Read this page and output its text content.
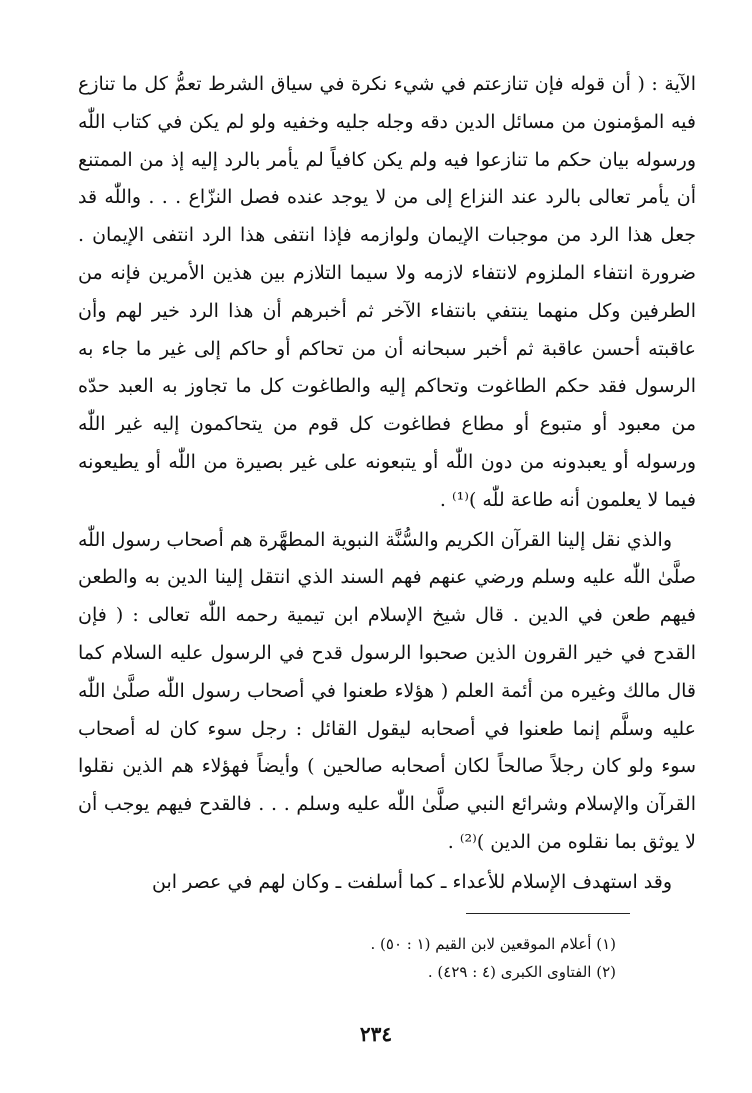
الآية : ( أن قوله فإن تنازعتم في شيء نكرة في سياق الشرط تعمُّ كل ما تنازع فيه المؤمنون من مسائل الدين دقه وجله جليه وخفيه ولو لم يكن في كتاب اللّٰه ورسوله بيان حكم ما تنازعوا فيه ولم يكن كافياً لم يأمر بالرد إليه إذ من الممتنع أن يأمر تعالى بالرد عند النزاع إلى من لا يوجد عنده فصل النزّاع . . . واللّٰه قد جعل هذا الرد من موجبات الإيمان ولوازمه فإذا انتفى هذا الرد انتفى الإيمان . ضرورة انتفاء الملزوم لانتفاء لازمه ولا سيما التلازم بين هذين الأمرين فإنه من الطرفين وكل منهما ينتفي بانتفاء الآخر ثم أخبرهم أن هذا الرد خير لهم وأن عاقبته أحسن عاقبة ثم أخبر سبحانه أن من تحاكم أو حاكم إلى غير ما جاء به الرسول فقد حكم الطاغوت وتحاكم إليه والطاغوت كل ما تجاوز به العبد حدّه من معبود أو متبوع أو مطاع فطاغوت كل قوم من يتحاكمون إليه غير اللّٰه ورسوله أو يعبدونه من دون اللّٰه أو يتبعونه على غير بصيرة من اللّٰه أو يطيعونه فيما لا يعلمون أنه طاعة للّٰه )⁽¹⁾ .

والذي نقل إلينا القرآن الكريم والسُّنَّة النبوية المطهَّرة هم أصحاب رسول اللّٰه صلَّىٰ اللّٰه عليه وسلم ورضي عنهم فهم السند الذي انتقل إلينا الدين به والطعن فيهم طعن في الدين . قال شيخ الإسلام ابن تيمية رحمه اللّٰه تعالى : ( فإن القدح في خير القرون الذين صحبوا الرسول قدح في الرسول عليه السلام كما قال مالك وغيره من أئمة العلم ( هؤلاء طعنوا في أصحاب رسول اللّٰه صلَّىٰ اللّٰه عليه وسلَّم إنما طعنوا في أصحابه ليقول القائل : رجل سوء كان له أصحاب سوء ولو كان رجلاً صالحاً لكان أصحابه صالحين ) وأيضاً فهؤلاء هم الذين نقلوا القرآن والإسلام وشرائع النبي صلَّىٰ اللّٰه عليه وسلم . . . فالقدح فيهم يوجب أن لا يوثق بما نقلوه من الدين )⁽²⁾ .

وقد استهدف الإسلام للأعداء ـ كما أسلفت ـ وكان لهم في عصر ابن

(١) أعلام الموقعين لابن القيم (١ : ٥٠) .

(٢) الفتاوى الكبرى (٤ : ٤٢٩) .

٢٣٤
